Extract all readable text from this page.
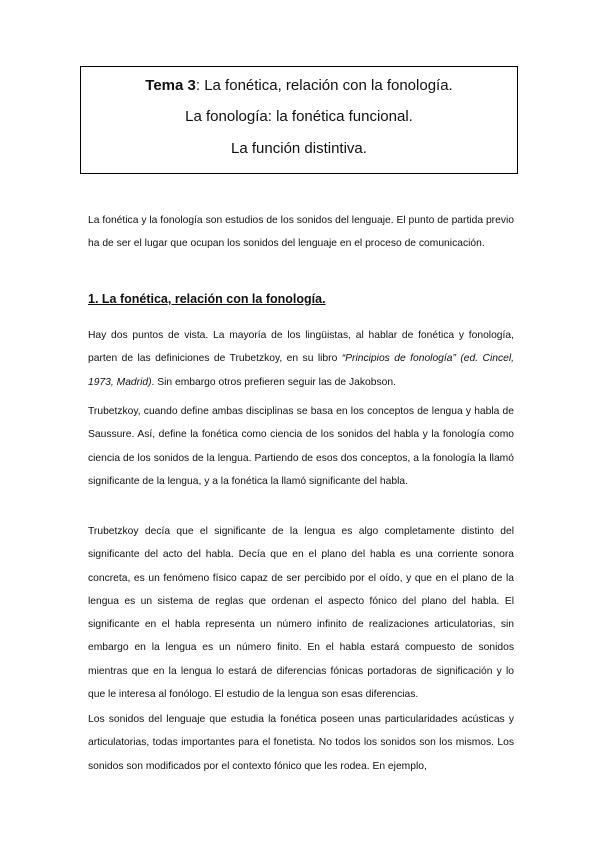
Tema 3: La fonética, relación con la fonología.
La fonología: la fonética funcional.
La función distintiva.

La fonética y la fonología son estudios de los sonidos del lenguaje. El punto de partida previo ha de ser el lugar que ocupan los sonidos del lenguaje en el proceso de comunicación.

1. La fonética, relación con la fonología.

Hay dos puntos de vista. La mayoría de los lingüistas, al hablar de fonética y fonología, parten de las definiciones de Trubetzkoy, en su libro “Principios de fonología” (ed. Cincel, 1973, Madrid). Sin embargo otros prefieren seguir las de Jakobson.

Trubetzkoy, cuando define ambas disciplinas se basa en los conceptos de lengua y habla de Saussure. Así, define la fonética como ciencia de los sonidos del habla y la fonología como ciencia de los sonidos de la lengua. Partiendo de esos dos conceptos, a la fonología la llamó significante de la lengua, y a la fonética la llamó significante del habla.

Trubetzkoy decía que el significante de la lengua es algo completamente distinto del significante del acto del habla. Decía que en el plano del habla es una corriente sonora concreta, es un fenómeno físico capaz de ser percibido por el oído, y que en el plano de la lengua es un sistema de reglas que ordenan el aspecto fónico del plano del habla. El significante en el habla representa un número infinito de realizaciones articulatorias, sin embargo en la lengua es un número finito. En el habla estará compuesto de sonidos mientras que en la lengua lo estará de diferencias fónicas portadoras de significación y lo que le interesa al fonólogo. El estudio de la lengua son esas diferencias.

Los sonidos del lenguaje que estudia la fonética poseen unas particularidades acústicas y articulatorias, todas importantes para el fonetista. No todos los sonidos son los mismos. Los sonidos son modificados por el contexto fónico que les rodea. En ejemplo,
